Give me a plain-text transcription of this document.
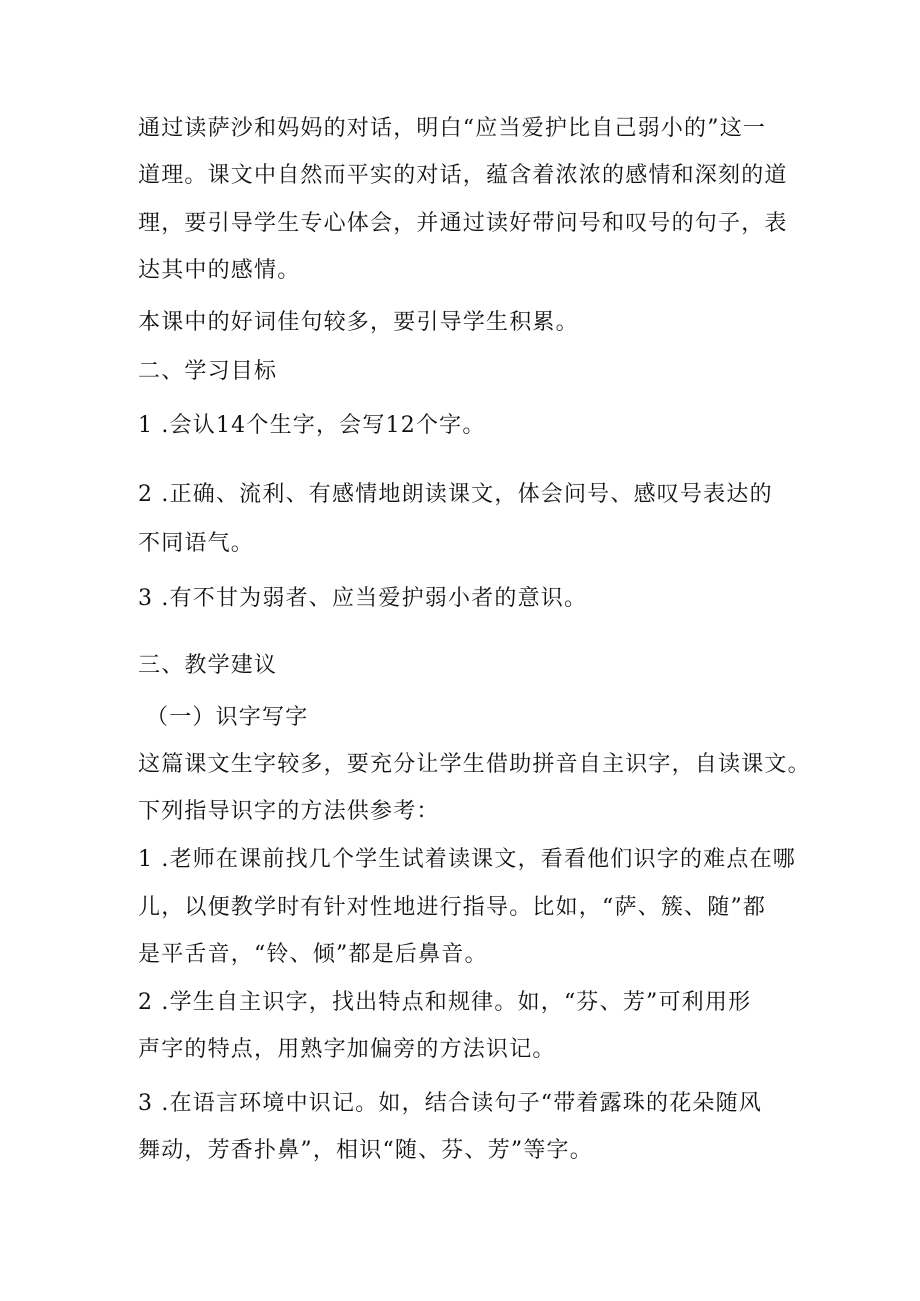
通过读萨沙和妈妈的对话，明白“应当爱护比自己弱小的”这一
道理。课文中自然而平实的对话，蕴含着浓浓的感情和深刻的道
理，要引导学生专心体会，并通过读好带问号和叹号的句子，表
达其中的感情。
本课中的好词佳句较多，要引导学生积累。
二、学习目标
1 .会认14个生字，会写12个字。
2 .正确、流利、有感情地朗读课文，体会问号、感叹号表达的
不同语气。
3 .有不甘为弱者、应当爱护弱小者的意识。
三、教学建议
（一）识字写字
这篇课文生字较多，要充分让学生借助拼音自主识字，自读课文。
下列指导识字的方法供参考：
1 .老师在课前找几个学生试着读课文，看看他们识字的难点在哪
儿，以便教学时有针对性地进行指导。比如，“萨、簇、随”都
是平舌音，“铃、倾”都是后鼻音。
2 .学生自主识字，找出特点和规律。如，“芬、芳”可利用形
声字的特点，用熟字加偏旁的方法识记。
3 .在语言环境中识记。如，结合读句子“带着露珠的花朵随风
舞动，芳香扑鼻”，相识“随、芬、芳”等字。
